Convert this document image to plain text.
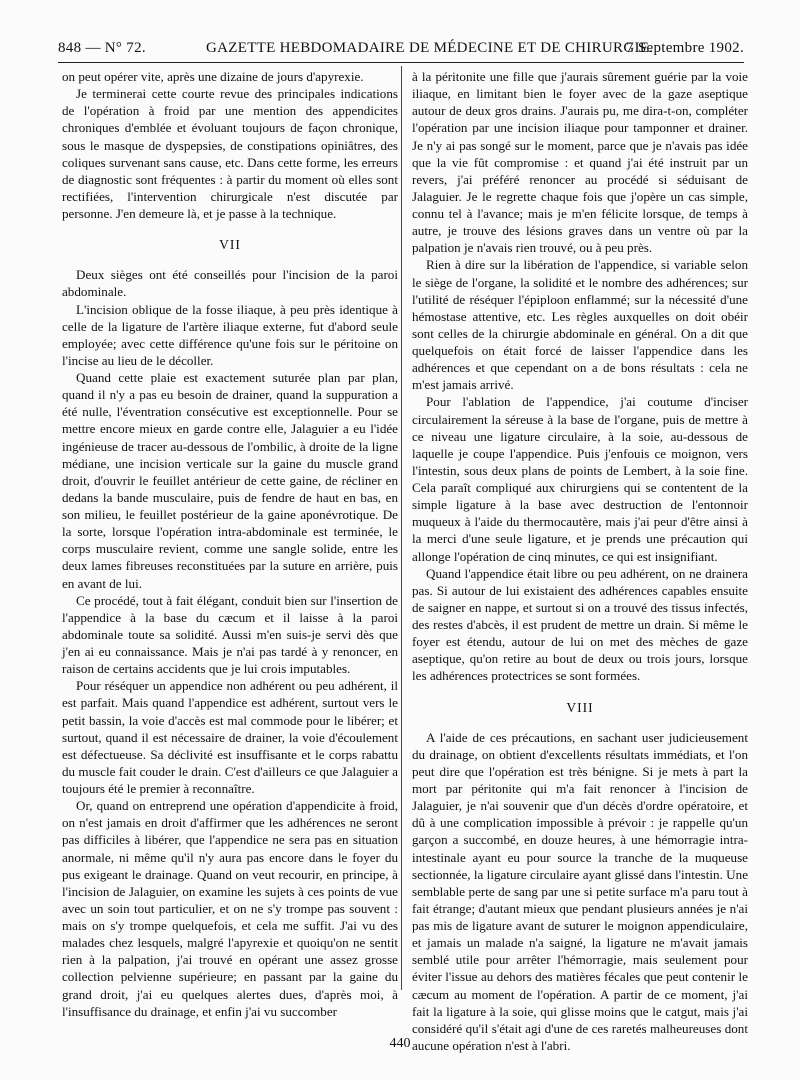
848 — N° 72.	GAZETTE HEBDOMADAIRE DE MÉDECINE ET DE CHIRURGIE.
7 Septembre 1902.

on peut opérer vite, après une dizaine de jours d'apyrexie.

Je terminerai cette courte revue des principales indications de l'opération à froid par une mention des appendicites chroniques d'emblée et évoluant toujours de façon chronique, sous le masque de dyspepsies, de constipations opiniâtres, des coliques survenant sans cause, etc. Dans cette forme, les erreurs de diagnostic sont fréquentes : à partir du moment où elles sont rectifiées, l'intervention chirurgicale n'est discutée par personne. J'en demeure là, et je passe à la technique.

VII

Deux sièges ont été conseillés pour l'incision de la paroi abdominale.

L'incision oblique de la fosse iliaque, à peu près identique à celle de la ligature de l'artère iliaque externe, fut d'abord seule employée; avec cette différence qu'une fois sur le péritoine on l'incise au lieu de le décoller.

Quand cette plaie est exactement suturée plan par plan, quand il n'y a pas eu besoin de drainer, quand la suppuration a été nulle, l'éventration consécutive est exceptionnelle. Pour se mettre encore mieux en garde contre elle, Jalaguier a eu l'idée ingénieuse de tracer au-dessous de l'ombilic, à droite de la ligne médiane, une incision verticale sur la gaine du muscle grand droit, d'ouvrir le feuillet antérieur de cette gaine, de récliner en dedans la bande musculaire, puis de fendre de haut en bas, en son milieu, le feuillet postérieur de la gaine aponévrotique. De la sorte, lorsque l'opération intra-abdominale est terminée, le corps musculaire revient, comme une sangle solide, entre les deux lames fibreuses reconstituées par la suture en arrière, puis en avant de lui.

Ce procédé, tout à fait élégant, conduit bien sur l'insertion de l'appendice à la base du cæcum et il laisse à la paroi abdominale toute sa solidité. Aussi m'en suis-je servi dès que j'en ai eu connaissance. Mais je n'ai pas tardé à y renoncer, en raison de certains accidents que je lui crois imputables.

Pour réséquer un appendice non adhérent ou peu adhérent, il est parfait. Mais quand l'appendice est adhérent, surtout vers le petit bassin, la voie d'accès est mal commode pour le libérer; et surtout, quand il est nécessaire de drainer, la voie d'écoulement est défectueuse. Sa déclivité est insuffisante et le corps rabattu du muscle fait couder le drain. C'est d'ailleurs ce que Jalaguier a toujours été le premier à reconnaître.

Or, quand on entreprend une opération d'appendicite à froid, on n'est jamais en droit d'affirmer que les adhérences ne seront pas difficiles à libérer, que l'appendice ne sera pas en situation anormale, ni même qu'il n'y aura pas encore dans le foyer du pus exigeant le drainage. Quand on veut recourir, en principe, à l'incision de Jalaguier, on examine les sujets à ces points de vue avec un soin tout particulier, et on ne s'y trompe pas souvent : mais on s'y trompe quelquefois, et cela me suffit. J'ai vu des malades chez lesquels, malgré l'apyrexie et quoiqu'on ne sentit rien à la palpation, j'ai trouvé en opérant une assez grosse collection pelvienne supérieure; en passant par la gaine du grand droit, j'ai eu quelques alertes dues, d'après moi, à l'insuffisance du drainage, et enfin j'ai vu succomber

à la péritonite une fille que j'aurais sûrement guérie par la voie iliaque, en limitant bien le foyer avec de la gaze aseptique autour de deux gros drains. J'aurais pu, me dira-t-on, compléter l'opération par une incision iliaque pour tamponner et drainer. Je n'y ai pas songé sur le moment, parce que je n'avais pas idée que la vie fût compromise : et quand j'ai été instruit par un revers, j'ai préféré renoncer au procédé si séduisant de Jalaguier. Je le regrette chaque fois que j'opère un cas simple, connu tel à l'avance; mais je m'en félicite lorsque, de temps à autre, je trouve des lésions graves dans un ventre où par la palpation je n'avais rien trouvé, ou à peu près.

Rien à dire sur la libération de l'appendice, si variable selon le siège de l'organe, la solidité et le nombre des adhérences; sur l'utilité de réséquer l'épiploon enflammé; sur la nécessité d'une hémostase attentive, etc. Les règles auxquelles on doit obéir sont celles de la chirurgie abdominale en général. On a dit que quelquefois on était forcé de laisser l'appendice dans les adhérences et que cependant on a de bons résultats : cela ne m'est jamais arrivé.

Pour l'ablation de l'appendice, j'ai coutume d'inciser circulairement la séreuse à la base de l'organe, puis de mettre à ce niveau une ligature circulaire, à la soie, au-dessous de laquelle je coupe l'appendice. Puis j'enfouis ce moignon, vers l'intestin, sous deux plans de points de Lembert, à la soie fine. Cela paraît compliqué aux chirurgiens qui se contentent de la simple ligature à la base avec destruction de l'entonnoir muqueux à l'aide du thermocautère, mais j'ai peur d'être ainsi à la merci d'une seule ligature, et je prends une précaution qui allonge l'opération de cinq minutes, ce qui est insignifiant.

Quand l'appendice était libre ou peu adhérent, on ne drainera pas. Si autour de lui existaient des adhérences capables ensuite de saigner en nappe, et surtout si on a trouvé des tissus infectés, des restes d'abcès, il est prudent de mettre un drain. Si même le foyer est étendu, autour de lui on met des mèches de gaze aseptique, qu'on retire au bout de deux ou trois jours, lorsque les adhérences protectrices se sont formées.

VIII

A l'aide de ces précautions, en sachant user judicieusement du drainage, on obtient d'excellents résultats immédiats, et l'on peut dire que l'opération est très bénigne. Si je mets à part la mort par péritonite qui m'a fait renoncer à l'incision de Jalaguier, je n'ai souvenir que d'un décès d'ordre opératoire, et dû à une complication impossible à prévoir : je rappelle qu'un garçon a succombé, en douze heures, à une hémorragie intra-intestinale ayant eu pour source la tranche de la muqueuse sectionnée, la ligature circulaire ayant glissé dans l'intestin. Une semblable perte de sang par une si petite surface m'a paru tout à fait étrange; d'autant mieux que pendant plusieurs années je n'ai pas mis de ligature avant de suturer le moignon appendiculaire, et jamais un malade n'a saigné, la ligature ne m'avait jamais semblé utile pour arrêter l'hémorragie, mais seulement pour éviter l'issue au dehors des matières fécales que peut contenir le cæcum au moment de l'opération. A partir de ce moment, j'ai fait la ligature à la soie, qui glisse moins que le catgut, mais j'ai considéré qu'il s'était agi d'une de ces raretés malheureuses dont aucune opération n'est à l'abri.

440
